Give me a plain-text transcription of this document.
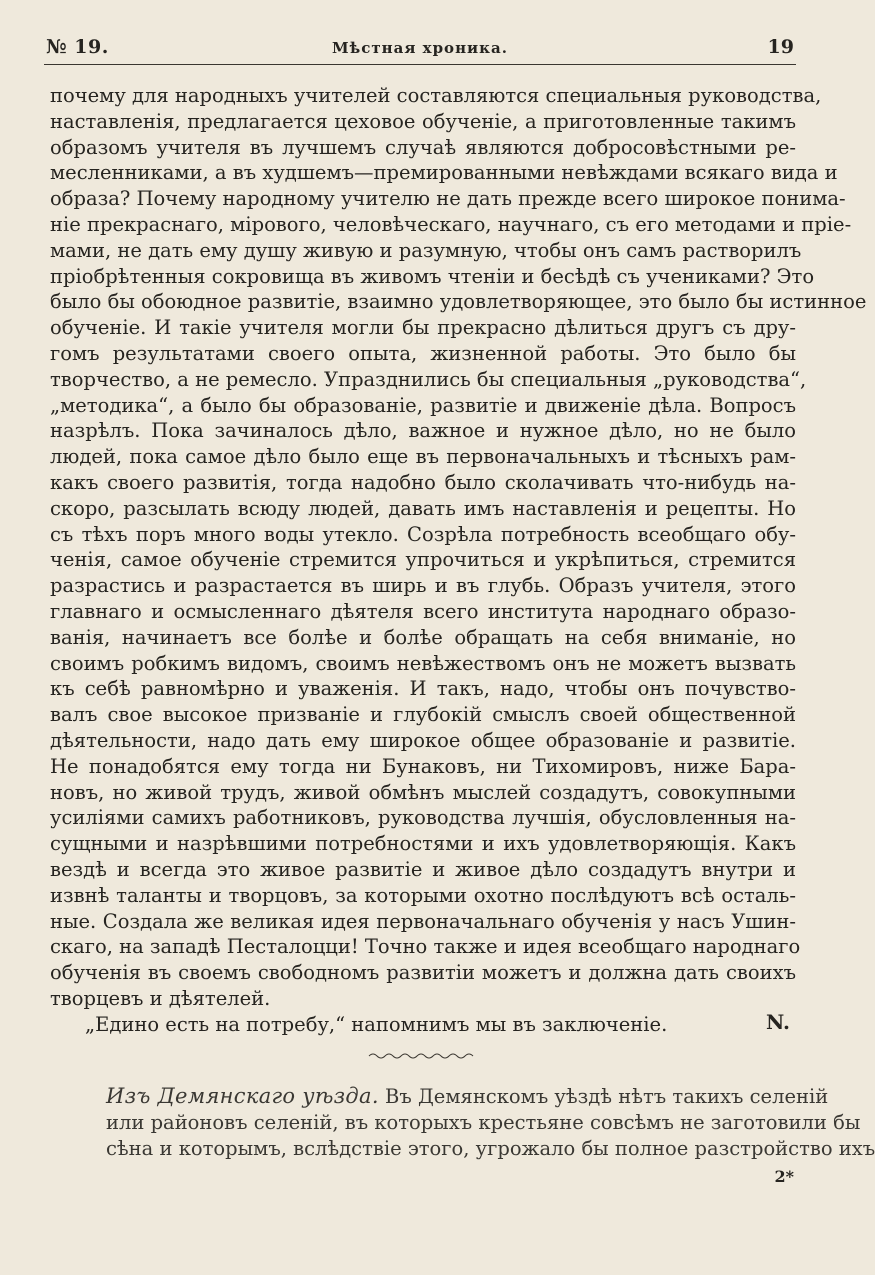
№ 19.	Мѣстная хроника.	19
почему для народныхъ учителей составляются специальныя руководства,
наставленія, предлагается цеховое обученіе, а приготовленные такимъ
образомъ учителя въ лучшемъ случаѣ являются добросовѣстными ре-
месленниками, а въ худшемъ—премированными невѣждами всякаго вида и
образа? Почему народному учителю не дать прежде всего широкое понима-
ніе прекраснаго, мірового, человѣческаго, научнаго, съ его методами и пріе-
мами, не дать ему душу живую и разумную, чтобы онъ самъ растворилъ
пріобрѣтенныя сокровища въ живомъ чтеніи и бесѣдѣ съ учениками? Это
было бы обоюдное развитіе, взаимно удовлетворяющее, это было бы истинное
обученіе. И такіе учителя могли бы прекрасно дѣлиться другъ съ дру-
гомъ результатами своего опыта, жизненной работы. Это было бы
творчество, а не ремесло. Упразднились бы специальныя „руководства“,
„методика“, а было бы образованіе, развитіе и движеніе дѣла. Вопросъ
назрѣлъ. Пока зачиналось дѣло, важное и нужное дѣло, но не было
людей, пока самое дѣло было еще въ первоначальныхъ и тѣсныхъ рам-
какъ своего развитія, тогда надобно было сколачивать что-нибудь на-
скоро, разсылать всюду людей, давать имъ наставленія и рецепты. Но
съ тѣхъ поръ много воды утекло. Созрѣла потребность всеобщаго обу-
ченія, самое обученіе стремится упрочиться и укрѣпиться, стремится
разрастись и разрастается въ ширь и въ глубь. Образъ учителя, этого
главнаго и осмысленнаго дѣятеля всего института народнаго образо-
ванія, начинаетъ все болѣе и болѣе обращать на себя вниманіе, но
своимъ робкимъ видомъ, своимъ невѣжествомъ онъ не можетъ вызвать
къ себѣ равномѣрно и уваженія. И такъ, надо, чтобы онъ почувство-
валъ свое высокое призваніе и глубокій смыслъ своей общественной
дѣятельности, надо дать ему широкое общее образованіе и развитіе.
Не понадобятся ему тогда ни Бунаковъ, ни Тихомировъ, ниже Бара-
новъ, но живой трудъ, живой обмѣнъ мыслей создадутъ, совокупными
усиліями самихъ работниковъ, руководства лучшія, обусловленныя на-
сущными и назрѣвшими потребностями и ихъ удовлетворяющія. Какъ
вездѣ и всегда это живое развитіе и живое дѣло создадутъ внутри и
извнѣ таланты и творцовъ, за которыми охотно послѣдуютъ всѣ осталь-
ные. Создала же великая идея первоначальнаго обученія у насъ Ушин-
скаго, на западѣ Песталоцци! Точно также и идея всеобщаго народнаго
обученія въ своемъ свободномъ развитіи можетъ и должна дать своихъ
творцевъ и дѣятелей.
„Едино есть на потребу,“ напомнимъ мы въ заключеніе.	N.
Изъ Демянскаго уѣзда. Въ Демянскомъ уѣздѣ нѣтъ такихъ селеній
или районовъ селеній, въ которыхъ крестьяне совсѣмъ не заготовили бы
сѣна и которымъ, вслѣдствіе этого, угрожало бы полное разстройство ихъ
2*
